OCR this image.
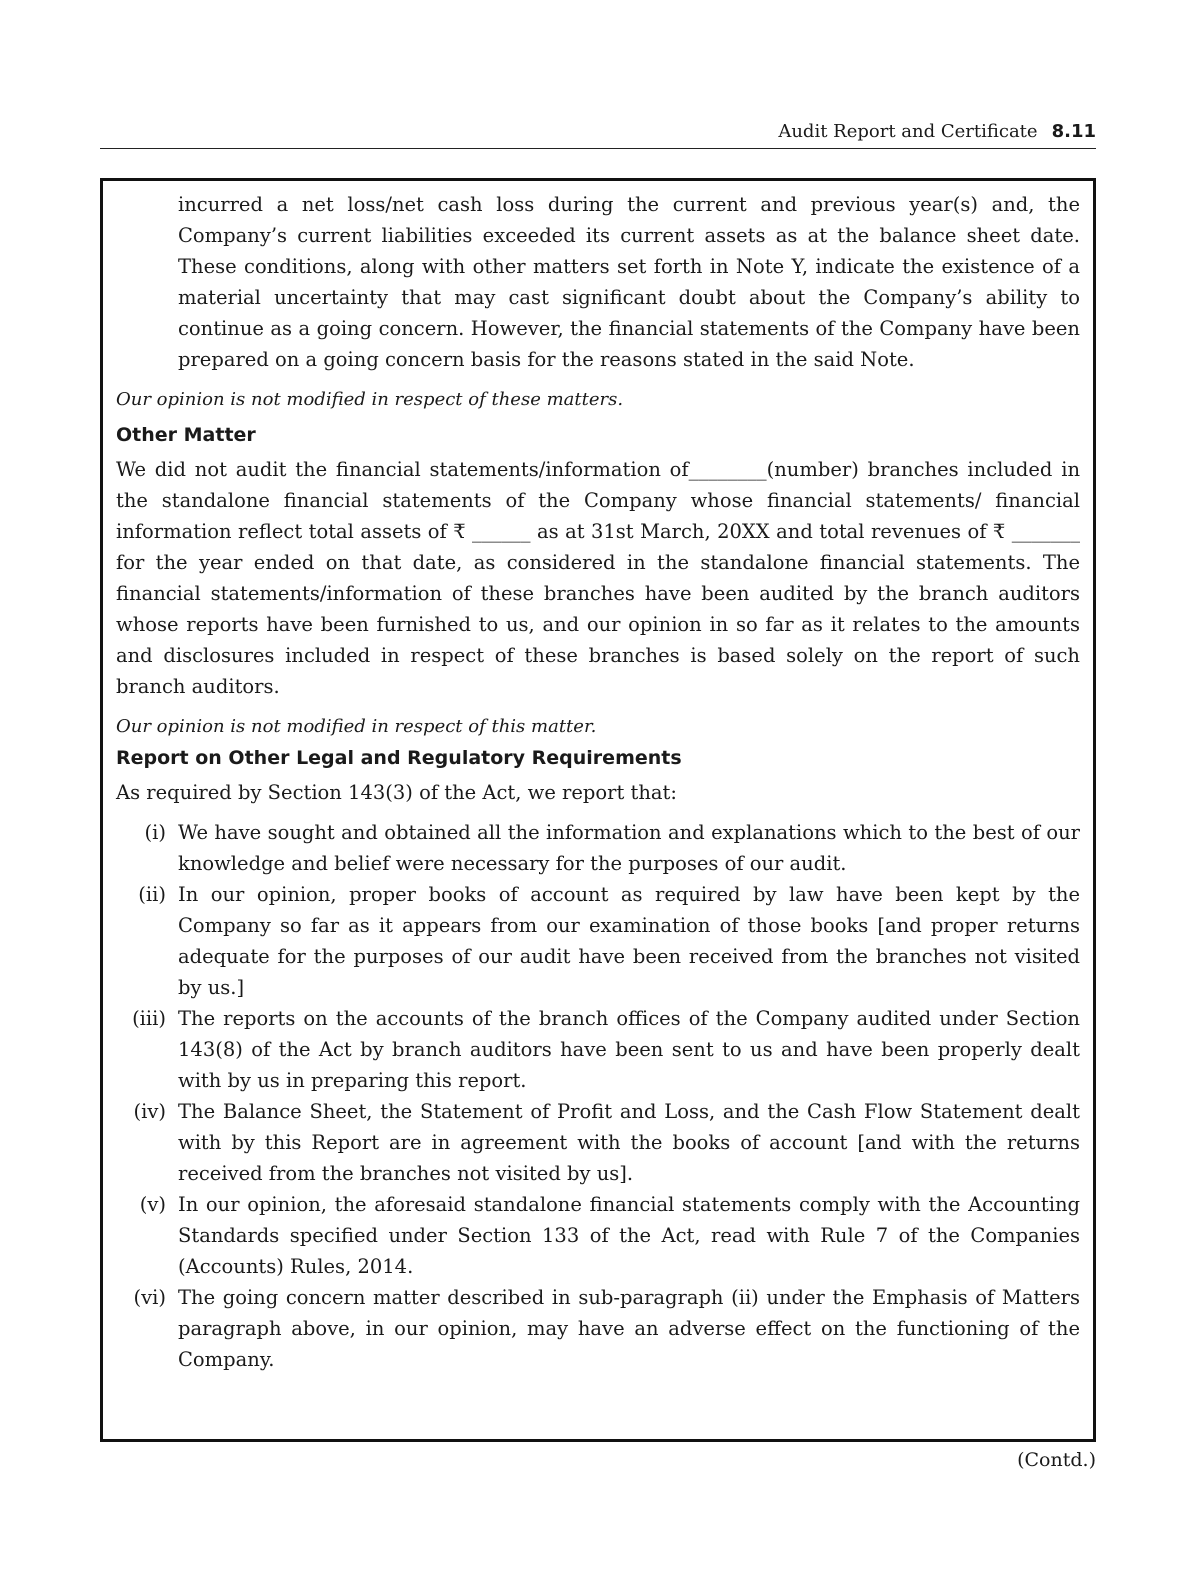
Audit Report and Certificate 8.11

incurred a net loss/net cash loss during the current and previous year(s) and, the Company’s current liabilities exceeded its current assets as at the balance sheet date. These conditions, along with other matters set forth in Note Y, indicate the existence of a material uncertainty that may cast significant doubt about the Company’s ability to continue as a going concern. However, the financial statements of the Company have been prepared on a going concern basis for the reasons stated in the said Note.

Our opinion is not modified in respect of these matters.

Other Matter

We did not audit the financial statements/information of________(number) branches included in the standalone financial statements of the Company whose financial statements/ financial information reflect total assets of ₹ ______ as at 31st March, 20XX and total revenues of ₹ _______ for the year ended on that date, as considered in the standalone financial statements. The financial statements/information of these branches have been audited by the branch auditors whose reports have been furnished to us, and our opinion in so far as it relates to the amounts and disclosures included in respect of these branches is based solely on the report of such branch auditors.

Our opinion is not modified in respect of this matter.

Report on Other Legal and Regulatory Requirements

As required by Section 143(3) of the Act, we report that:

(i) We have sought and obtained all the information and explanations which to the best of our knowledge and belief were necessary for the purposes of our audit.
(ii) In our opinion, proper books of account as required by law have been kept by the Company so far as it appears from our examination of those books [and proper returns adequate for the purposes of our audit have been received from the branches not visited by us.]
(iii) The reports on the accounts of the branch offices of the Company audited under Section 143(8) of the Act by branch auditors have been sent to us and have been properly dealt with by us in preparing this report.
(iv) The Balance Sheet, the Statement of Profit and Loss, and the Cash Flow Statement dealt with by this Report are in agreement with the books of account [and with the returns received from the branches not visited by us].
(v) In our opinion, the aforesaid standalone financial statements comply with the Accounting Standards specified under Section 133 of the Act, read with Rule 7 of the Companies (Accounts) Rules, 2014.
(vi) The going concern matter described in sub-paragraph (ii) under the Emphasis of Matters paragraph above, in our opinion, may have an adverse effect on the functioning of the Company.
(Contd.)
